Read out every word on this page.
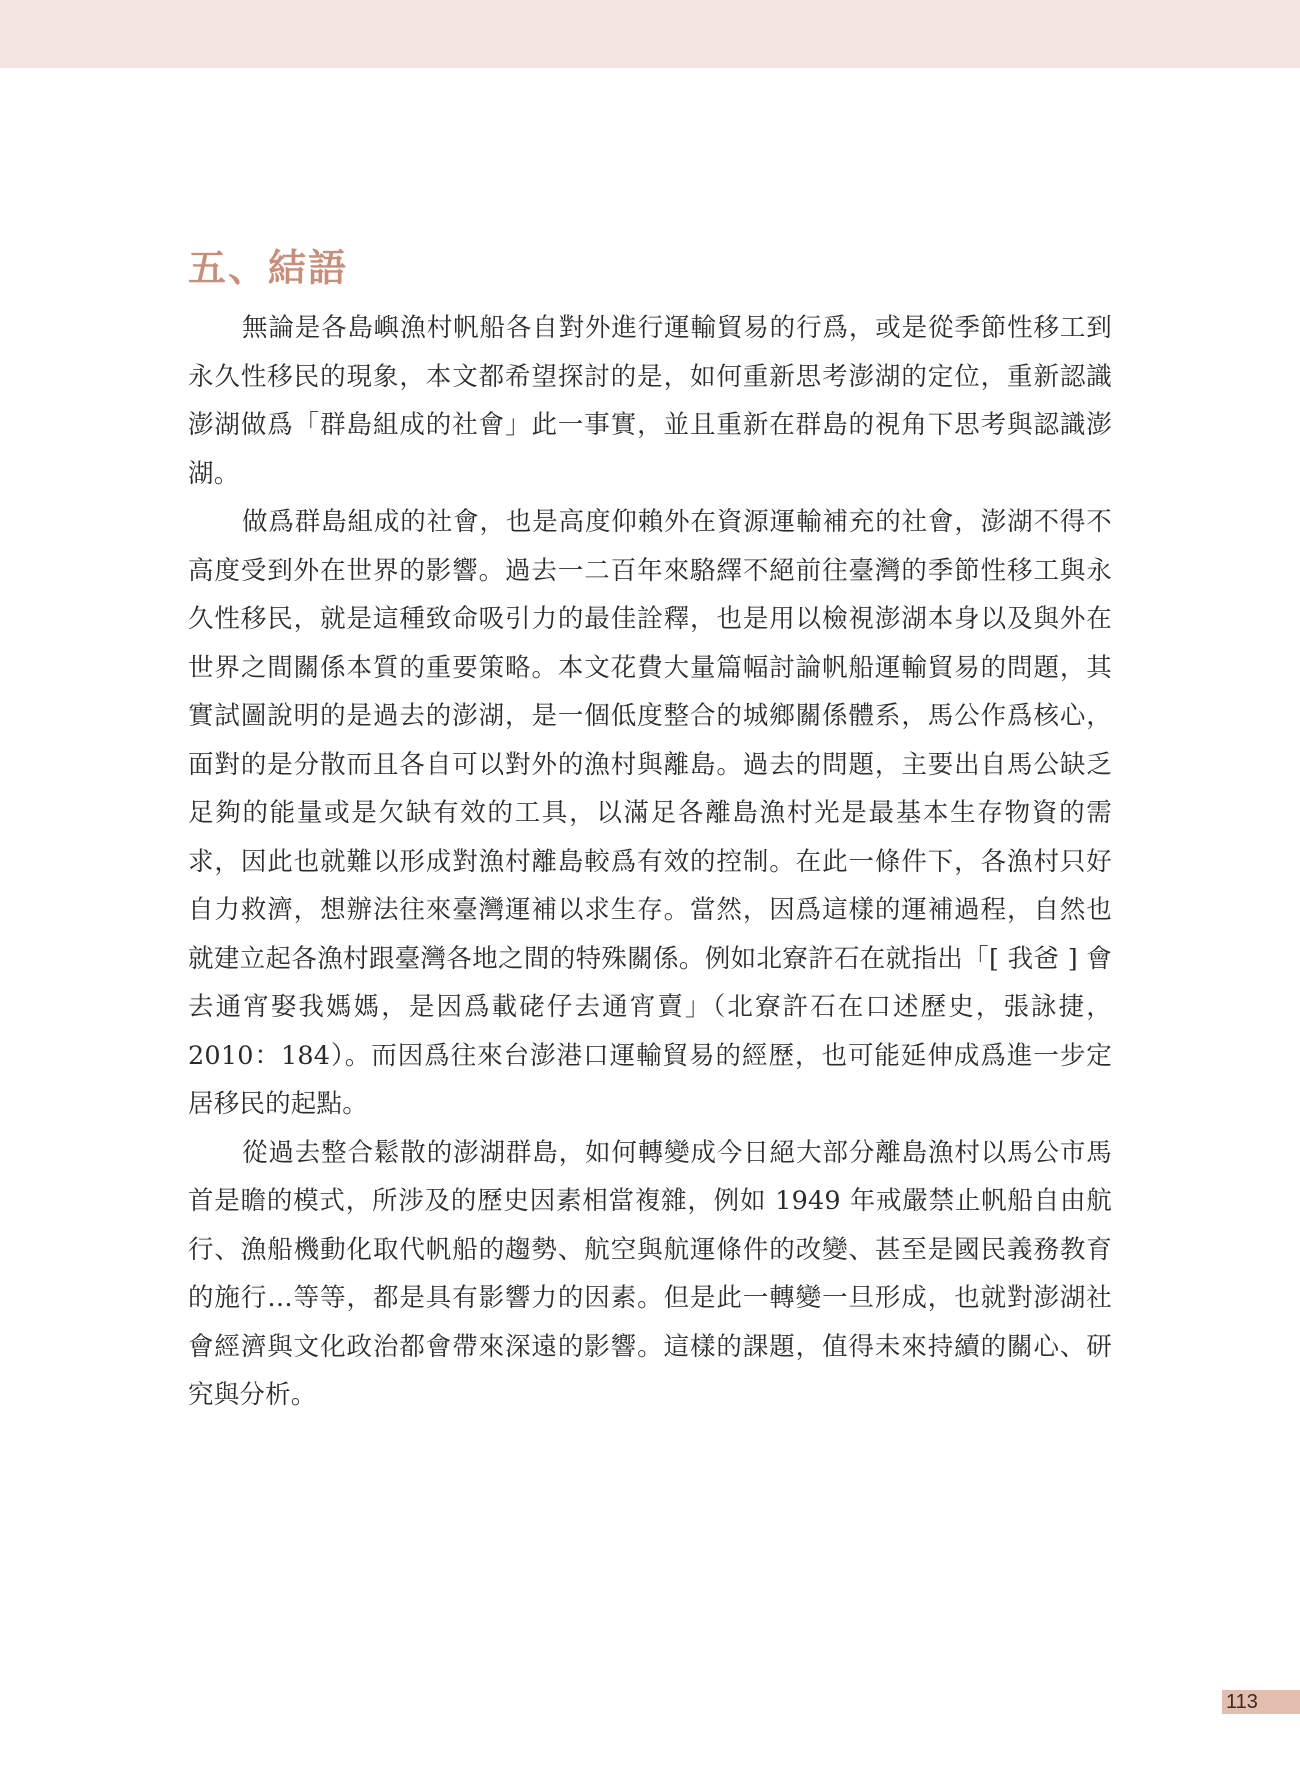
五、結語

無論是各島嶼漁村帆船各自對外進行運輸貿易的行爲，或是從季節性移工到永久性移民的現象，本文都希望探討的是，如何重新思考澎湖的定位，重新認識澎湖做爲「群島組成的社會」此一事實，並且重新在群島的視角下思考與認識澎湖。

做爲群島組成的社會，也是高度仰賴外在資源運輸補充的社會，澎湖不得不高度受到外在世界的影響。過去一二百年來駱繹不絕前往臺灣的季節性移工與永久性移民，就是這種致命吸引力的最佳詮釋，也是用以檢視澎湖本身以及與外在世界之間關係本質的重要策略。本文花費大量篇幅討論帆船運輸貿易的問題，其實試圖說明的是過去的澎湖，是一個低度整合的城鄉關係體系，馬公作爲核心，面對的是分散而且各自可以對外的漁村與離島。過去的問題，主要出自馬公缺乏足夠的能量或是欠缺有效的工具，以滿足各離島漁村光是最基本生存物資的需求，因此也就難以形成對漁村離島較爲有效的控制。在此一條件下，各漁村只好自力救濟，想辦法往來臺灣運補以求生存。當然，因爲這樣的運補過程，自然也就建立起各漁村跟臺灣各地之間的特殊關係。例如北寮許石在就指出「[ 我爸 ] 會去通宵娶我媽媽，是因爲載硓仔去通宵賣」（北寮許石在口述歷史，張詠捷，2010：184）。而因爲往來台澎港口運輸貿易的經歷，也可能延伸成爲進一步定居移民的起點。

從過去整合鬆散的澎湖群島，如何轉變成今日絕大部分離島漁村以馬公市馬首是瞻的模式，所涉及的歷史因素相當複雜，例如 1949 年戒嚴禁止帆船自由航行、漁船機動化取代帆船的趨勢、航空與航運條件的改變、甚至是國民義務教育的施行…等等，都是具有影響力的因素。但是此一轉變一旦形成，也就對澎湖社會經濟與文化政治都會帶來深遠的影響。這樣的課題，值得未來持續的關心、研究與分析。

113
